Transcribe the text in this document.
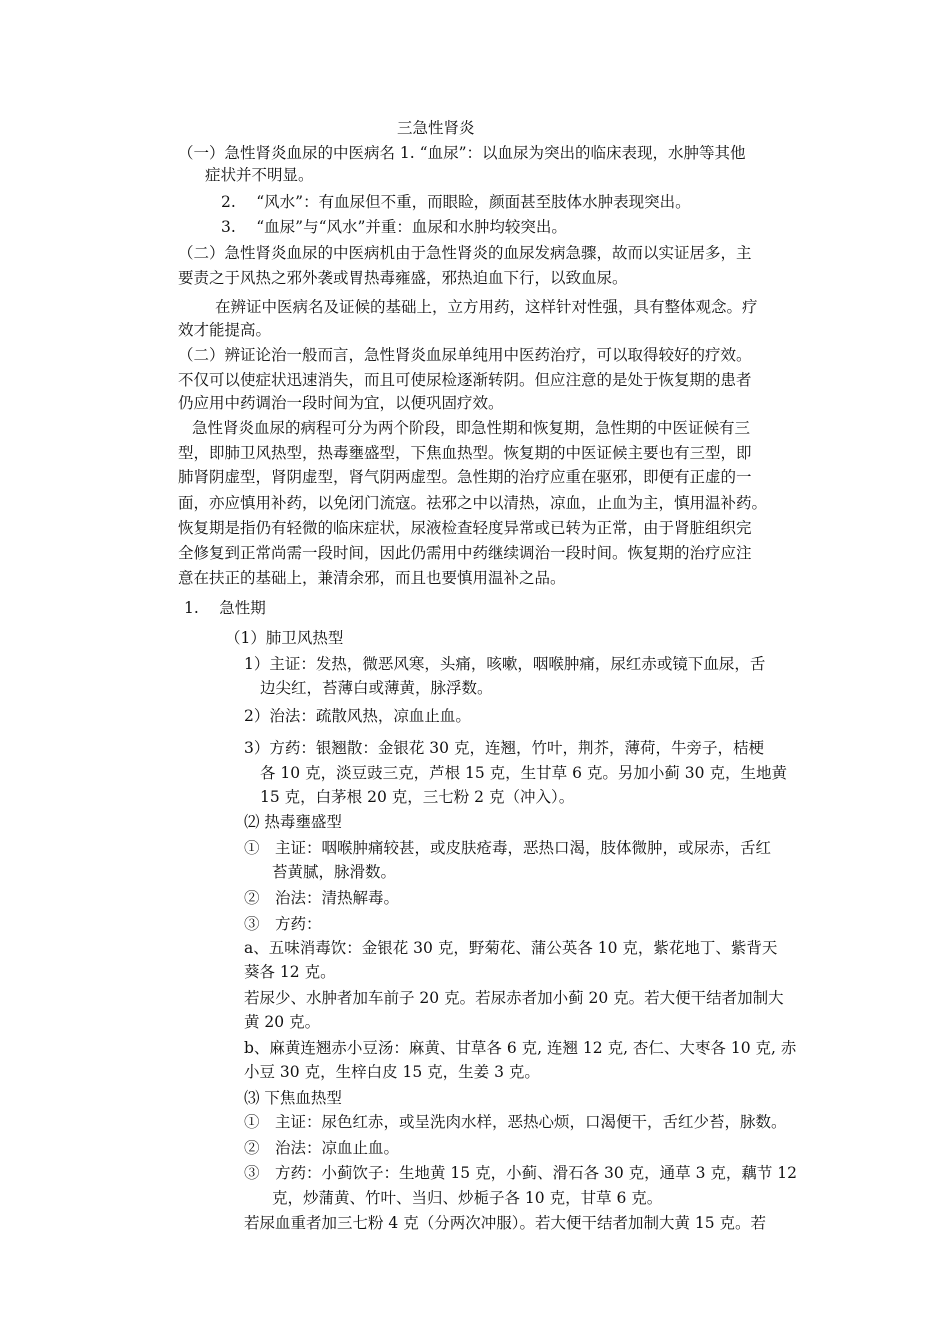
三急性肾炎
（一）急性肾炎血尿的中医病名 1. “血尿”：以血尿为突出的临床表现，水肿等其他
症状并不明显。
2.　 “风水”：有血尿但不重，而眼睑，颜面甚至肢体水肿表现突出。
3.　 “血尿”与“风水”并重：血尿和水肿均较突出。
（二）急性肾炎血尿的中医病机由于急性肾炎的血尿发病急骤，故而以实证居多，主
要责之于风热之邪外袭或胃热毒雍盛，邪热迫血下行，以致血尿。
在辨证中医病名及证候的基础上，立方用药，这样针对性强，具有整体观念。疗
效才能提高。
（二）辨证论治一般而言，急性肾炎血尿单纯用中医药治疗，可以取得较好的疗效。
不仅可以使症状迅速消失，而且可使尿检逐渐转阴。但应注意的是处于恢复期的患者
仍应用中药调治一段时间为宜，以便巩固疗效。
急性肾炎血尿的病程可分为两个阶段，即急性期和恢复期，急性期的中医证候有三
型，即肺卫风热型，热毒壅盛型，下焦血热型。恢复期的中医证候主要也有三型，即
肺肾阴虚型，肾阴虚型，肾气阴两虚型。急性期的治疗应重在驱邪，即便有正虚的一
面，亦应慎用补药，以免闭门流寇。祛邪之中以清热，凉血，止血为主，慎用温补药。
恢复期是指仍有轻微的临床症状，尿液检查轻度异常或已转为正常，由于肾脏组织完
全修复到正常尚需一段时间，因此仍需用中药继续调治一段时间。恢复期的治疗应注
意在扶正的基础上，兼清余邪，而且也要慎用温补之品。
1.　 急性期
（1）肺卫风热型
1）主证：发热，微恶风寒，头痛，咳嗽，咽喉肿痛，尿红赤或镜下血尿，舌
边尖红，苔薄白或薄黄，脉浮数。
2）治法：疏散风热，凉血止血。
3）方药：银翘散：金银花 30 克，连翘，竹叶，荆芥，薄荷，牛旁子，桔梗
各 10 克，淡豆豉三克，芦根 15 克，生甘草 6 克。另加小蓟 30 克，生地黄
15 克，白茅根 20 克，三七粉 2 克（冲入）。
⑵ 热毒壅盛型
①　主证：咽喉肿痛较甚，或皮肤疮毒，恶热口渴，肢体微肿，或尿赤，舌红
苔黄腻，脉滑数。
②　治法：清热解毒。
③　方药：
a、五味消毒饮：金银花 30 克，野菊花、蒲公英各 10 克，紫花地丁、紫背天
葵各 12 克。
若尿少、水肿者加车前子 20 克。若尿赤者加小蓟 20 克。若大便干结者加制大
黄 20 克。
b、麻黄连翘赤小豆汤：麻黄、甘草各 6 克, 连翘 12 克, 杏仁、大枣各 10 克, 赤
小豆 30 克，生梓白皮 15 克，生姜 3 克。
⑶ 下焦血热型
①　主证：尿色红赤，或呈洗肉水样，恶热心烦，口渴便干，舌红少苔，脉数。
②　治法：凉血止血。
③　方药：小蓟饮子：生地黄 15 克，小蓟、滑石各 30 克，通草 3 克，藕节 12
克，炒蒲黄、竹叶、当归、炒栀子各 10 克，甘草 6 克。
若尿血重者加三七粉 4 克（分两次冲服）。若大便干结者加制大黄 15 克。若
